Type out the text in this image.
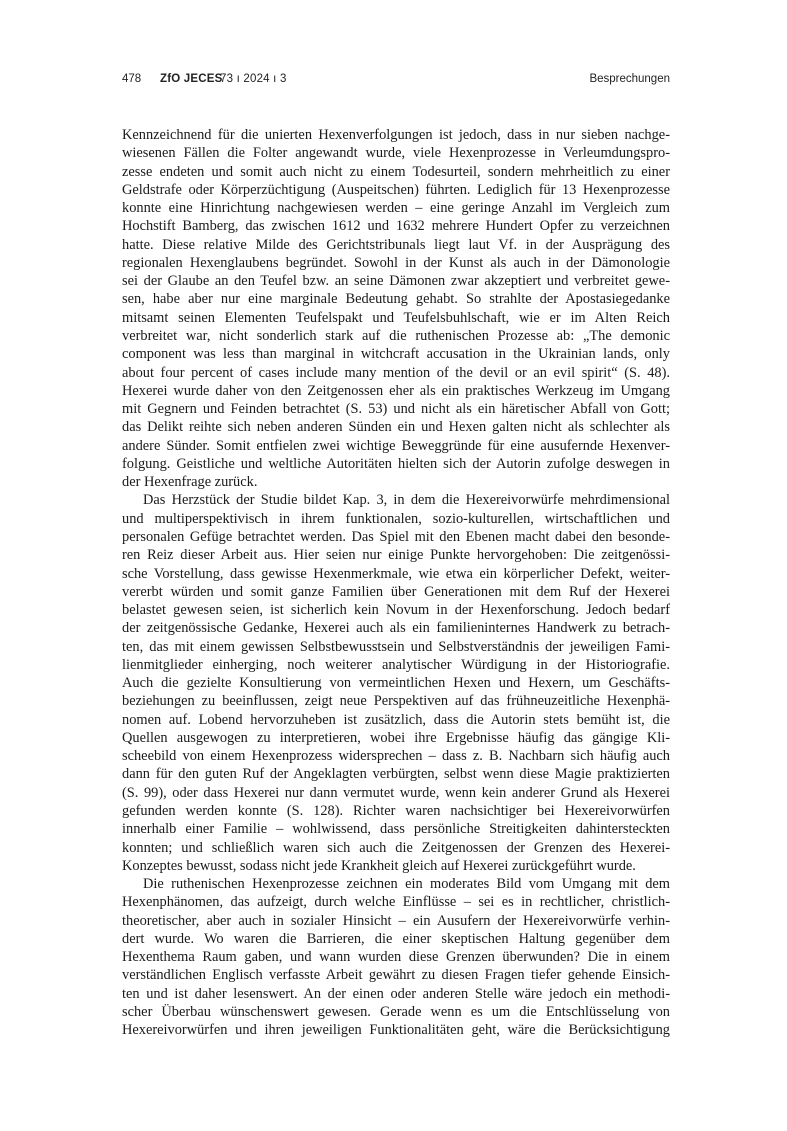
478 ZfO JECES
73 ı 2024 ı 3	Besprechungen
Kennzeichnend für die unierten Hexenverfolgungen ist jedoch, dass in nur sieben nachge-
wiesenen Fällen die Folter angewandt wurde, viele Hexenprozesse in Verleumdungspro-
zesse endeten und somit auch nicht zu einem Todesurteil, sondern mehrheitlich zu einer
Geldstrafe oder Körperzüchtigung (Auspeitschen) führten. Lediglich für 13 Hexenprozesse
konnte eine Hinrichtung nachgewiesen werden – eine geringe Anzahl im Vergleich zum
Hochstift Bamberg, das zwischen 1612 und 1632 mehrere Hundert Opfer zu verzeichnen
hatte. Diese relative Milde des Gerichtstribunals liegt laut Vf. in der Ausprägung des
regionalen Hexenglaubens begründet. Sowohl in der Kunst als auch in der Dämonologie
sei der Glaube an den Teufel bzw. an seine Dämonen zwar akzeptiert und verbreitet gewe-
sen, habe aber nur eine marginale Bedeutung gehabt. So strahlte der Apostasiegedanke
mitsamt seinen Elementen Teufelspakt und Teufelsbuhlschaft, wie er im Alten Reich
verbreitet war, nicht sonderlich stark auf die ruthenischen Prozesse ab: „The demonic
component was less than marginal in witchcraft accusation in the Ukrainian lands, only
about four percent of cases include many mention of the devil or an evil spirit“ (S. 48).
Hexerei wurde daher von den Zeitgenossen eher als ein praktisches Werkzeug im Umgang
mit Gegnern und Feinden betrachtet (S. 53) und nicht als ein häretischer Abfall von Gott;
das Delikt reihte sich neben anderen Sünden ein und Hexen galten nicht als schlechter als
andere Sünder. Somit entfielen zwei wichtige Beweggründe für eine ausufernde Hexenver-
folgung. Geistliche und weltliche Autoritäten hielten sich der Autorin zufolge deswegen in
der Hexenfrage zurück.
Das Herzstück der Studie bildet Kap. 3, in dem die Hexereivorwürfe mehrdimensional
und multiperspektivisch in ihrem funktionalen, sozio-kulturellen, wirtschaftlichen und
personalen Gefüge betrachtet werden. Das Spiel mit den Ebenen macht dabei den besonde-
ren Reiz dieser Arbeit aus. Hier seien nur einige Punkte hervorgehoben: Die zeitgenössi-
sche Vorstellung, dass gewisse Hexenmerkmale, wie etwa ein körperlicher Defekt, weiter-
vererbt würden und somit ganze Familien über Generationen mit dem Ruf der Hexerei
belastet gewesen seien, ist sicherlich kein Novum in der Hexenforschung. Jedoch bedarf
der zeitgenössische Gedanke, Hexerei auch als ein familieninternes Handwerk zu betrach-
ten, das mit einem gewissen Selbstbewusstsein und Selbstverständnis der jeweiligen Fami-
lienmitglieder einherging, noch weiterer analytischer Würdigung in der Historiografie.
Auch die gezielte Konsultierung von vermeintlichen Hexen und Hexern, um Geschäfts-
beziehungen zu beeinflussen, zeigt neue Perspektiven auf das frühneuzeitliche Hexenphä-
nomen auf. Lobend hervorzuheben ist zusätzlich, dass die Autorin stets bemüht ist, die
Quellen ausgewogen zu interpretieren, wobei ihre Ergebnisse häufig das gängige Kli-
scheebild von einem Hexenprozess widersprechen – dass z. B. Nachbarn sich häufig auch
dann für den guten Ruf der Angeklagten verbürgten, selbst wenn diese Magie praktizierten
(S. 99), oder dass Hexerei nur dann vermutet wurde, wenn kein anderer Grund als Hexerei
gefunden werden konnte (S. 128). Richter waren nachsichtiger bei Hexereivorwürfen
innerhalb einer Familie – wohlwissend, dass persönliche Streitigkeiten dahintersteckten
konnten; und schließlich waren sich auch die Zeitgenossen der Grenzen des Hexerei-
Konzeptes bewusst, sodass nicht jede Krankheit gleich auf Hexerei zurückgeführt wurde.
Die ruthenischen Hexenprozesse zeichnen ein moderates Bild vom Umgang mit dem
Hexenphänomen, das aufzeigt, durch welche Einflüsse – sei es in rechtlicher, christlich-
theoretischer, aber auch in sozialer Hinsicht – ein Ausufern der Hexereivorwürfe verhin-
dert wurde. Wo waren die Barrieren, die einer skeptischen Haltung gegenüber dem
Hexenthema Raum gaben, und wann wurden diese Grenzen überwunden? Die in einem
verständlichen Englisch verfasste Arbeit gewährt zu diesen Fragen tiefer gehende Einsich-
ten und ist daher lesenswert. An der einen oder anderen Stelle wäre jedoch ein methodi-
scher Überbau wünschenswert gewesen. Gerade wenn es um die Entschlüsselung von
Hexereivorwürfen und ihren jeweiligen Funktionalitäten geht, wäre die Berücksichtigung
